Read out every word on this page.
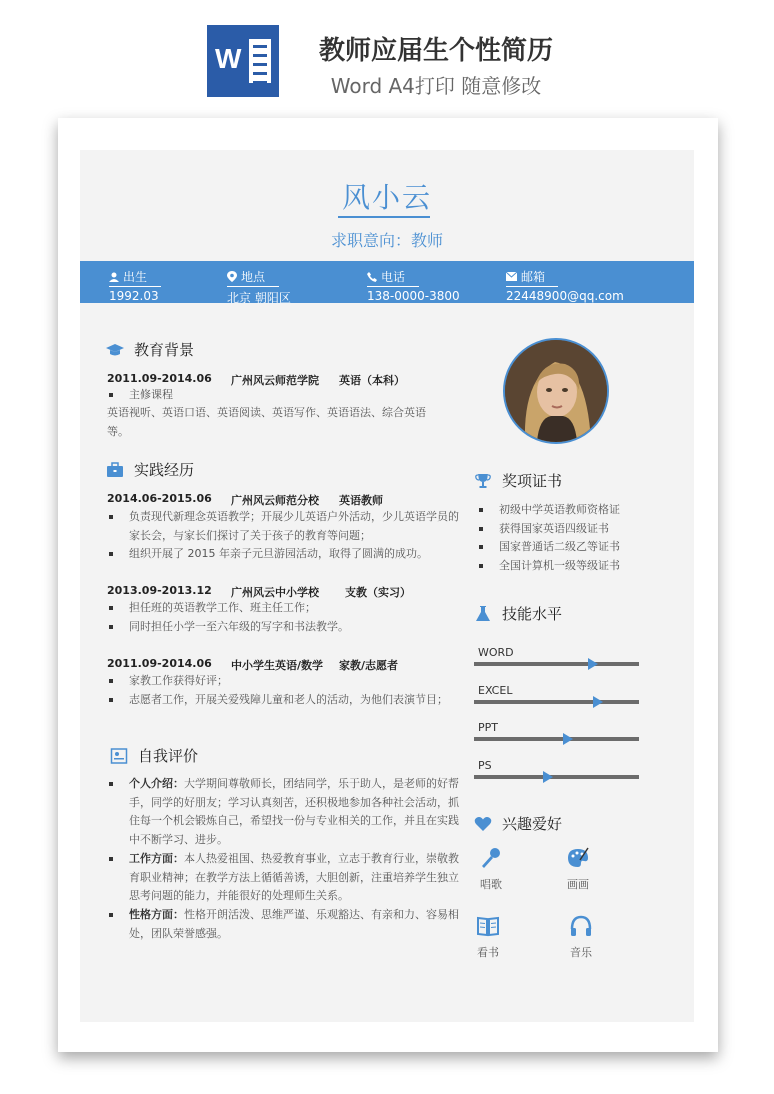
W	教师应届生个性简历
Word A4打印 随意修改
风小云
求职意向：教师
出生
1992.03
地点
北京 朝阳区
电话
138-0000-3800
邮箱
22448900@qq.com
教育背景
2011.09-2014.06 广州风云师范学院 英语（本科）
主修课程
英语视听、英语口语、英语阅读、英语写作、英语语法、综合英语等。
实践经历
2014.06-2015.06 广州风云师范分校 英语教师
负责现代新理念英语教学；开展少儿英语户外活动，少儿英语学员的家长会，与家长们探讨了关于孩子的教育等问题；
组织开展了 2015 年亲子元旦游园活动，取得了圆满的成功。
2013.09-2013.12 广州风云中小学校 支教（实习）
担任班的英语教学工作、班主任工作；
同时担任小学一至六年级的写字和书法教学。
2011.09-2014.06 中小学生英语/数学 家教/志愿者
家教工作获得好评；
志愿者工作，开展关爱残障儿童和老人的活动，为他们表演节目；
自我评价
个人介绍：大学期间尊敬师长，团结同学，乐于助人，是老师的好帮手，同学的好朋友；学习认真刻苦，还积极地参加各种社会活动，抓住每一个机会锻炼自己，希望找一份与专业相关的工作，并且在实践中不断学习、进步。
工作方面：本人热爱祖国、热爱教育事业，立志于教育行业，崇敬教育职业精神；在教学方法上循循善诱，大胆创新，注重培养学生独立思考问题的能力，并能很好的处理师生关系。
性格方面：性格开朗活泼、思维严谨、乐观豁达、有亲和力、容易相处，团队荣誉感强。
奖项证书
初级中学英语教师资格证
获得国家英语四级证书
国家普通话二级乙等证书
全国计算机一级等级证书
技能水平
兴趣爱好
唱歌	画画
看书	音乐
WORD
EXCEL
PPT
PS
